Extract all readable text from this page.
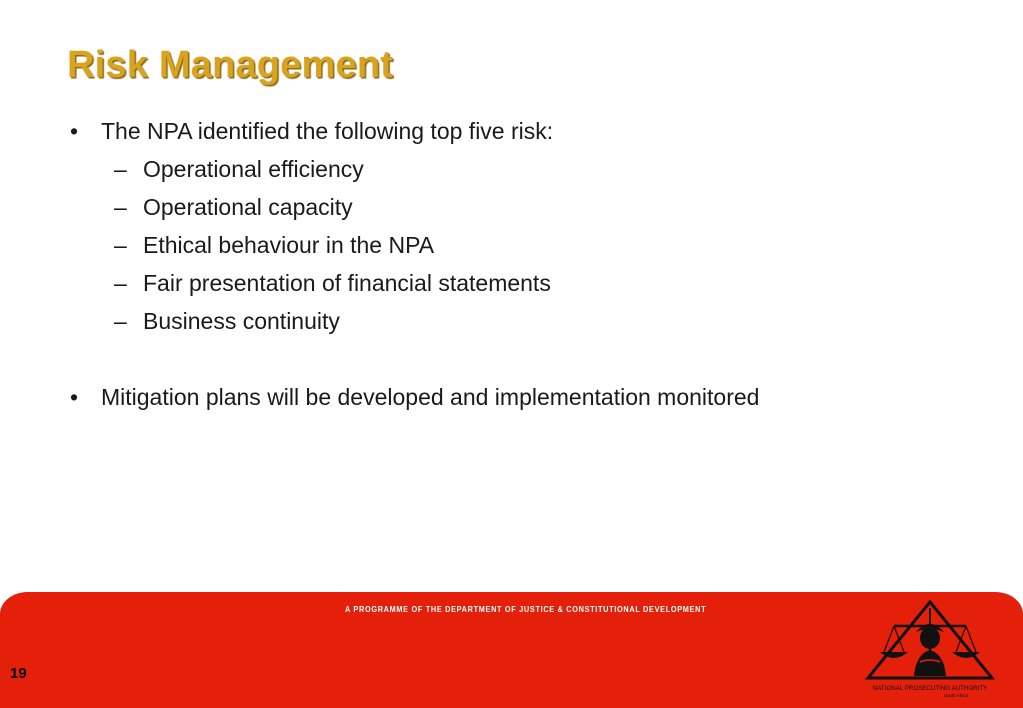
Risk Management
• The NPA identified the following top five risk:
– Operational efficiency
– Operational capacity
– Ethical behaviour in the NPA
– Fair presentation of financial statements
– Business continuity
• Mitigation plans will be developed and implementation monitored
A PROGRAMME OF THE DEPARTMENT OF JUSTICE & CONSTITUTIONAL DEVELOPMENT
19
NATIONAL PROSECUTING AUTHORITY
South Africa
